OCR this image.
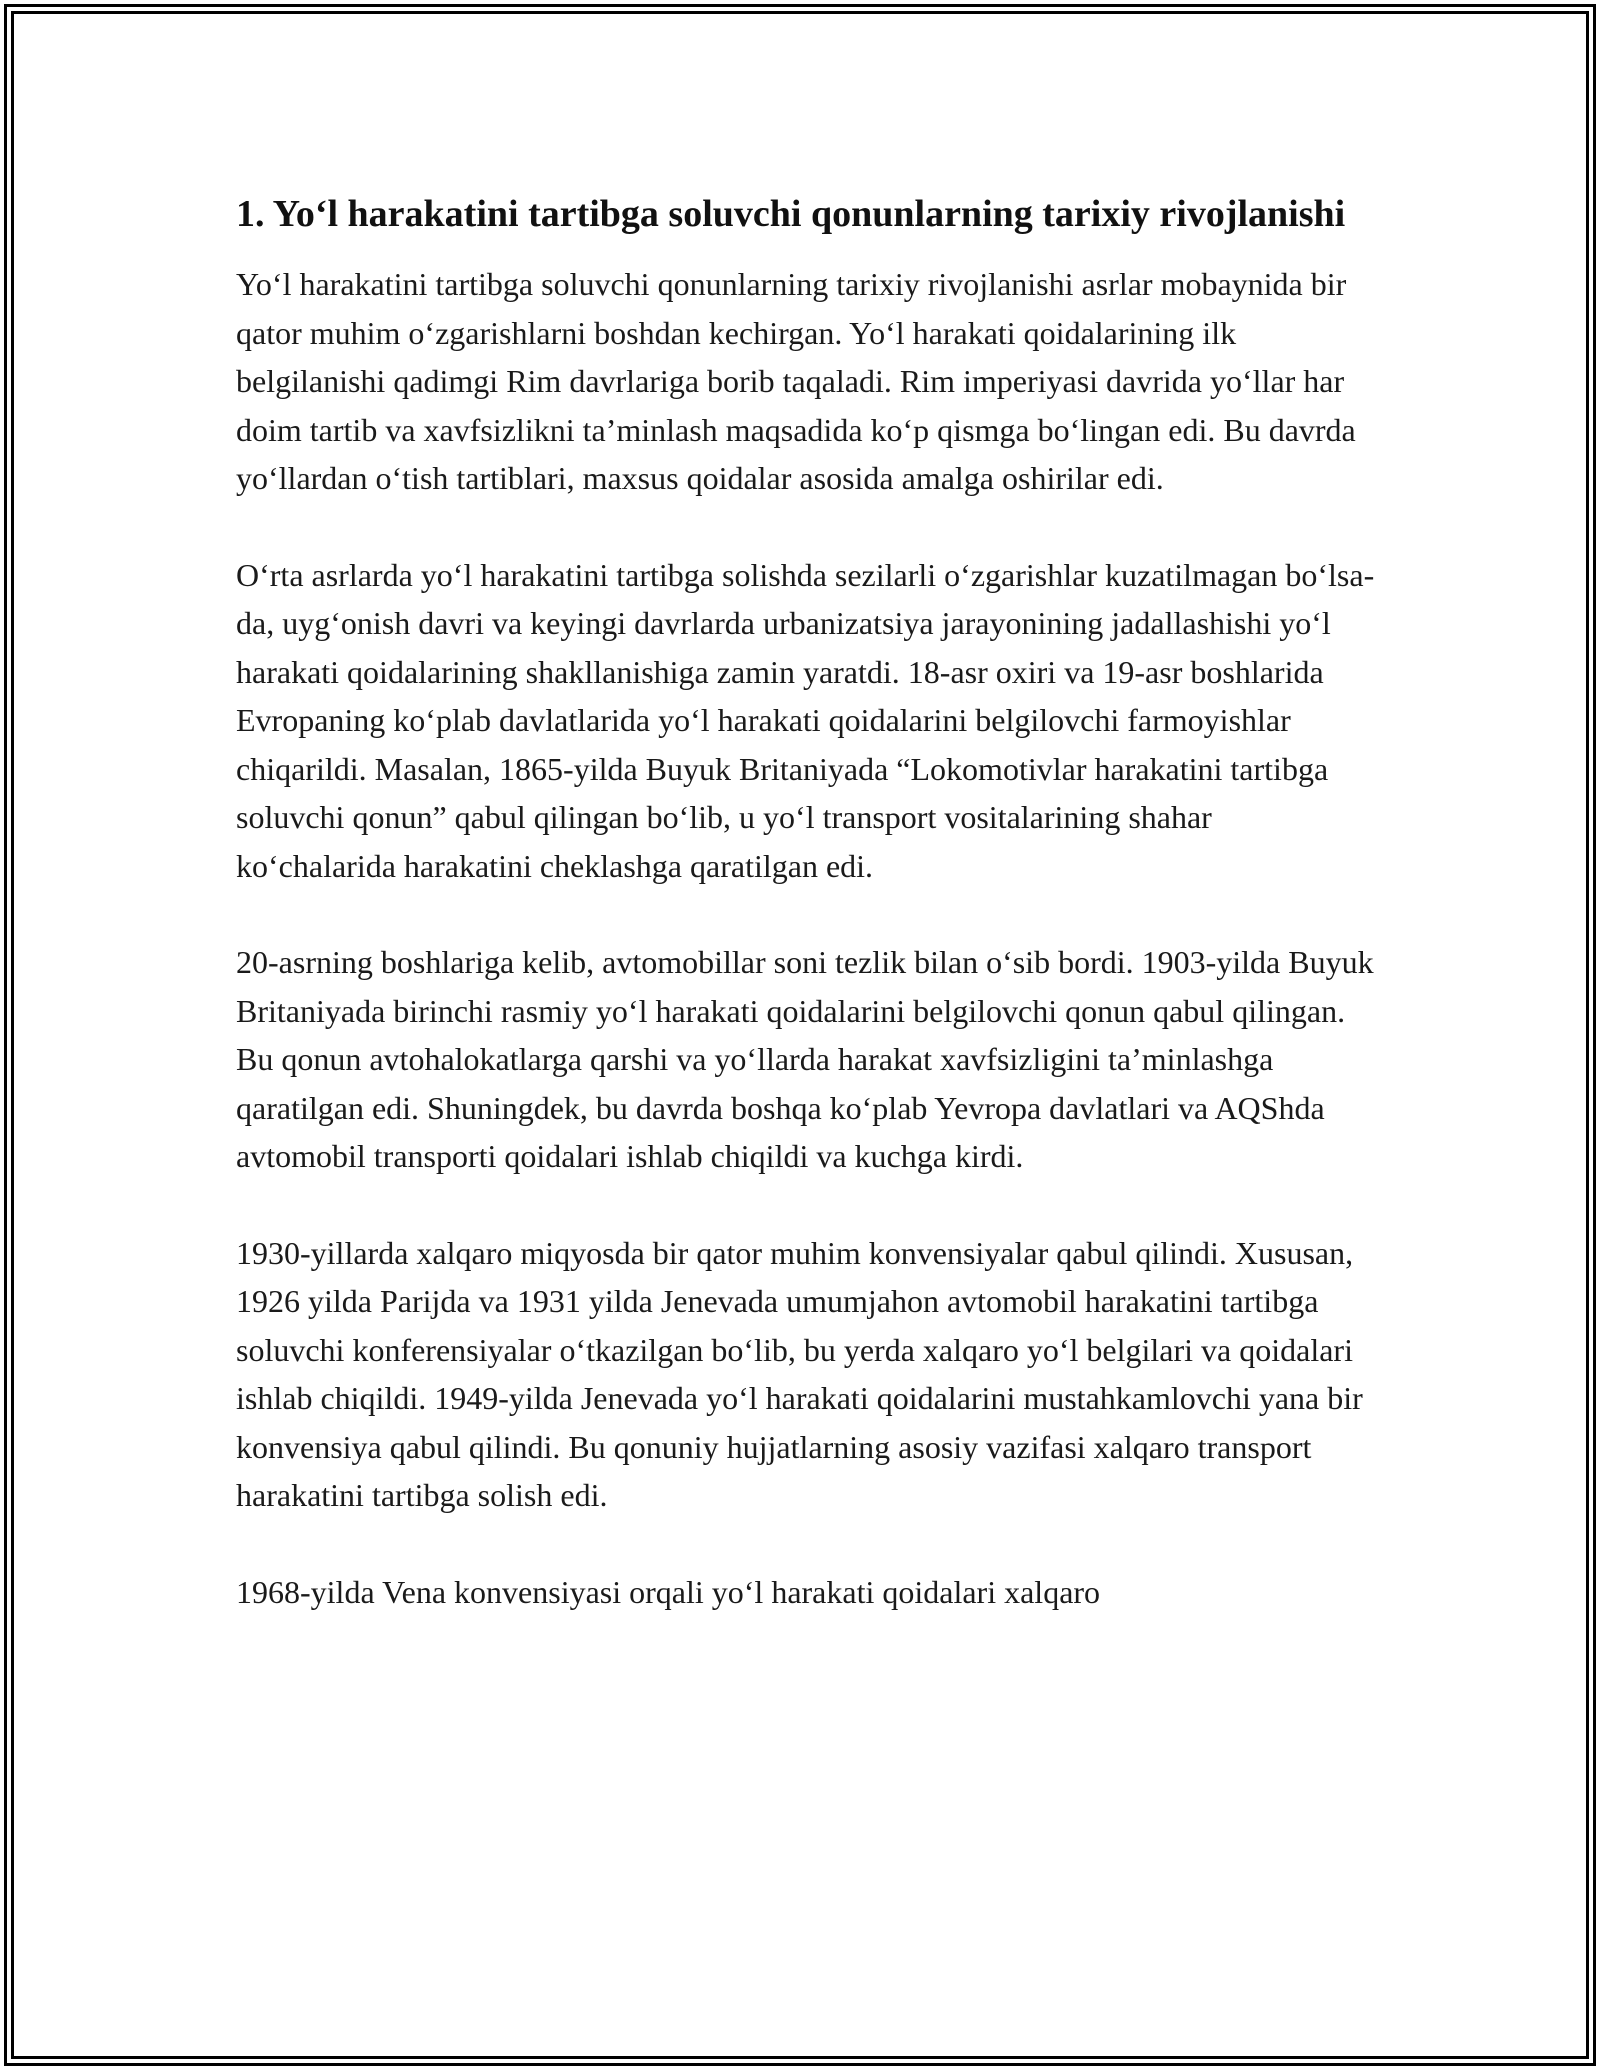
1. Yo‘l harakatini tartibga soluvchi qonunlarning tarixiy rivojlanishi

Yo‘l harakatini tartibga soluvchi qonunlarning tarixiy rivojlanishi asrlar mobaynida bir qator muhim o‘zgarishlarni boshdan kechirgan. Yo‘l harakati qoidalarining ilk belgilanishi qadimgi Rim davrlariga borib taqaladi. Rim imperiyasi davrida yo‘llar har doim tartib va xavfsizlikni ta’minlash maqsadida ko‘p qismga bo‘lingan edi. Bu davrda yo‘llardan o‘tish tartiblari, maxsus qoidalar asosida amalga oshirilar edi.

O‘rta asrlarda yo‘l harakatini tartibga solishda sezilarli o‘zgarishlar kuzatilmagan bo‘lsa-da, uyg‘onish davri va keyingi davrlarda urbanizatsiya jarayonining jadallashishi yo‘l harakati qoidalarining shakllanishiga zamin yaratdi. 18-asr oxiri va 19-asr boshlarida Evropaning ko‘plab davlatlarida yo‘l harakati qoidalarini belgilovchi farmoyishlar chiqarildi. Masalan, 1865-yilda Buyuk Britaniyada “Lokomotivlar harakatini tartibga soluvchi qonun” qabul qilingan bo‘lib, u yo‘l transport vositalarining shahar ko‘chalarida harakatini cheklashga qaratilgan edi.

20-asrning boshlariga kelib, avtomobillar soni tezlik bilan o‘sib bordi. 1903-yilda Buyuk Britaniyada birinchi rasmiy yo‘l harakati qoidalarini belgilovchi qonun qabul qilingan. Bu qonun avtohalokatlarga qarshi va yo‘llarda harakat xavfsizligini ta’minlashga qaratilgan edi. Shuningdek, bu davrda boshqa ko‘plab Yevropa davlatlari va AQShda avtomobil transporti qoidalari ishlab chiqildi va kuchga kirdi.

1930-yillarda xalqaro miqyosda bir qator muhim konvensiyalar qabul qilindi. Xususan, 1926 yilda Parijda va 1931 yilda Jenevada umumjahon avtomobil harakatini tartibga soluvchi konferensiyalar o‘tkazilgan bo‘lib, bu yerda xalqaro yo‘l belgilari va qoidalari ishlab chiqildi. 1949-yilda Jenevada yo‘l harakati qoidalarini mustahkamlovchi yana bir konvensiya qabul qilindi. Bu qonuniy hujjatlarning asosiy vazifasi xalqaro transport harakatini tartibga solish edi.

1968-yilda Vena konvensiyasi orqali yo‘l harakati qoidalari xalqaro
